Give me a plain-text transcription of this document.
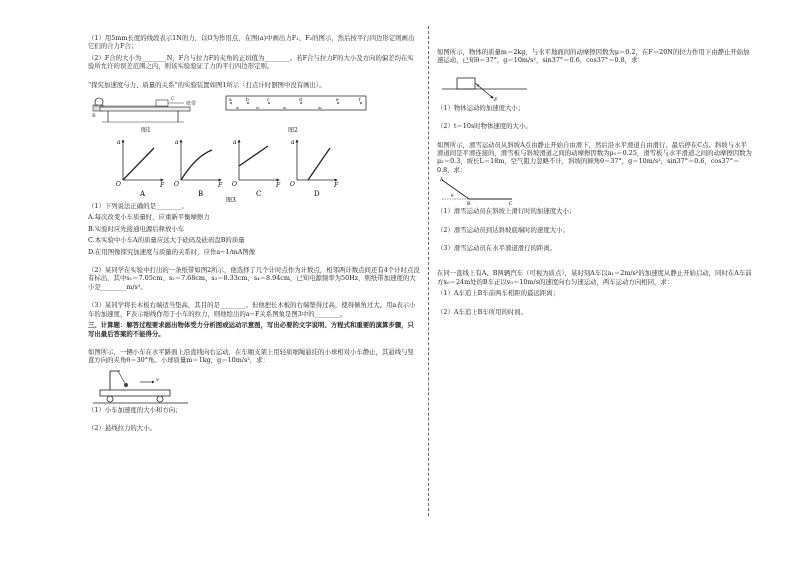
（1）用5mm长度的线段表示1N的力，以O为作用点，在图(a)中画出力F₁、F₂的图示，然后按平行四边形定则画出它们的合力F合；

（2）F合的大小为________N，F合与拉力F的夹角的正切值为________。若F合与拉力F的大小及方向的偏差均在实验所允许的误差范围之内，则该实验验证了力的平行四边形定则。

“探究加速度与力、质量的关系”的实验装置如图1所示（打点计时器图中没有画出）。

纸带
C
B
图1
a	b	c	d	e	f
s₁	s₂	s₃	s₄
图2
a
O	F
A
a
O	F
B
a
O	F
C
a
O	F
D
图3

（1）下列说法正确的是________。

A.每次改变小车质量时，应重新平衡摩擦力

B.实验时应先接通电源后释放小车

C.本实验中小车A的质量应远大于砝码及砝码盘B的质量

D.在用图像探究加速度与质量的关系时，应作a−1/mA图像

（2）某同学在实验中打出的一条纸带如图2所示，他选择了几个计时点作为计数点，相邻两计数点间还有4个计时点没有标出，其中s₁＝7.05cm、s₂＝7.68cm、s₃＝8.33cm、s₄＝8.94cm，已知电源频率为50Hz，则纸带加速度的大小是________m/s²。

（3）某同学将长木板右端适当垫高，其目的是________。但他把长木板的右端垫得过高，使得倾角过大。用a表示小车的加速度，F表示细线作用于小车的拉力，则他绘出的a−F关系图象是图3中的________。

三、计算题：解答过程要求画出物体受力分析图或运动示意图，写出必要的文字说明、方程式和重要的演算步骤，只写出最后答案的不能得分。

如图所示，一辆小车在水平路面上沿直线向右运动，在车厢支架上用轻质细绳悬挂的小球相对小车静止，其悬线与竖直方向的夹角θ＝30°角。小球质量m＝1kg，g＝10m/s²，求：

v

（1）小车加速度的大小和方向；

（2）悬线拉力的大小。

如图所示，物体的质量m＝2kg，与水平地面间的动摩擦因数为μ＝0.2，在F＝20N的拉力作用下由静止开始加速运动，已知θ＝37°，g＝10m/s²，sin37°＝0.6，cos37°＝0.8，求：

F
θ

（1）物体运动的加速度大小；

（2）t＝10s时物体速度的大小。

如图所示，滑雪运动员从斜坡A点由静止开始自由滑下，然后沿水平滑道自由滑行，最后停在C点。斜坡与水平滑道间是平滑连接的，滑雪板与斜坡滑道之间的动摩擦因数为μ₁＝0.25，滑雪板与水平滑道之间的动摩擦因数为μ₂＝0.3，坡长L＝18m，空气阻力忽略不计，斜坡的倾角θ＝37°，g＝10m/s²，sin37°＝0.6，cos37°＝0.8，求：

A
B	C
θ

（1）滑雪运动员在斜坡上滑行时的加速度大小；

（2）滑雪运动员到达斜坡底端时的速度大小；

（3）滑雪运动员在水平滑道滑行的距离。

在同一直线上有A、B两辆汽车（可视为质点），某时刻A车以a₁＝2m/s²的加速度从静止开始启动，同时在A车前方x₀＝24m处的B车正以v₀＝10m/s的速度向右匀速运动，两车运动方向相同，求：

（1）A车追上B车前两车相距的最远距离；

（2）A车追上B车所用的时间。
